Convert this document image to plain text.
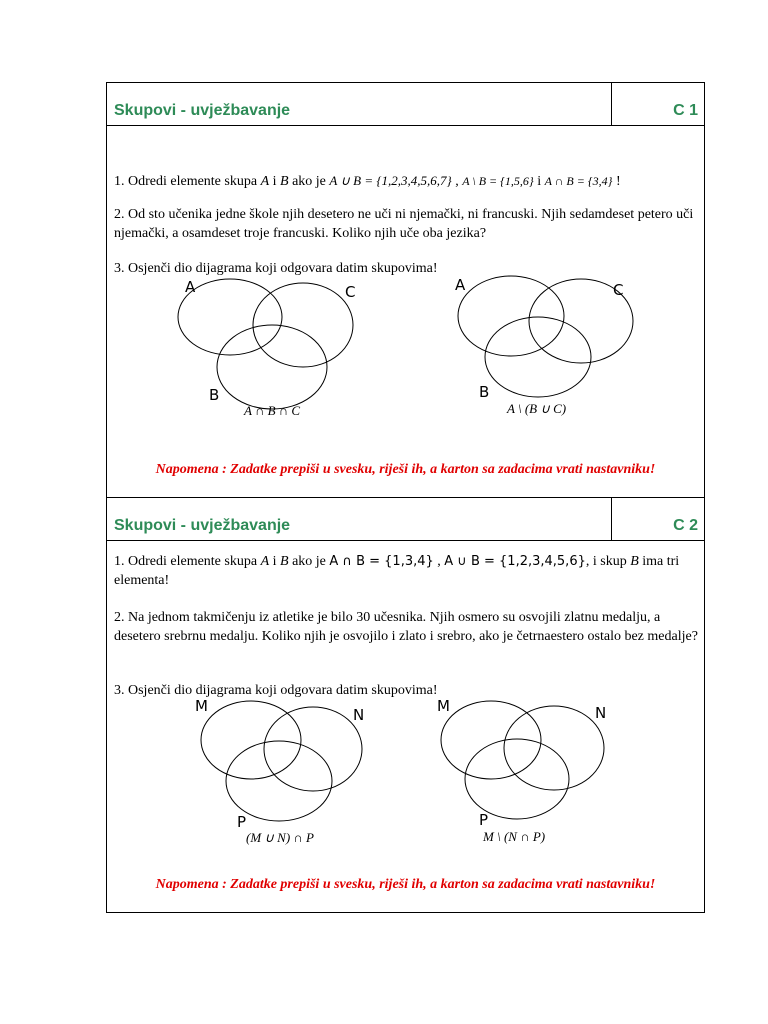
Skupovi - uvježbavanje	C 1
1. Odredi elemente skupa A i B ako je A ∪ B = {1,2,3,4,5,6,7} , A \ B = {1,5,6} i A ∩ B = {3,4} !
2. Od sto učenika jedne škole njih desetero ne uči ni njemački, ni francuski. Njih sedamdeset petero uči njemački, a osamdeset troje francuski. Koliko njih uče oba jezika?
3. Osjenči dio dijagrama koji odgovara datim skupovima!
A	C
B
A ∩ B ∩ C
A	C
B
A \ (B ∪ C)
Napomena : Zadatke prepiši u svesku, riješi ih, a karton sa zadacima vrati nastavniku!
Skupovi - uvježbavanje	C 2
1. Odredi elemente skupa A i B ako je A ∩ B = {1,3,4} , A ∪ B = {1,2,3,4,5,6}, i skup B ima tri elementa!
2. Na jednom takmičenju iz atletike je bilo 30 učesnika. Njih osmero su osvojili zlatnu medalju, a desetero srebrnu medalju. Koliko njih je osvojilo i zlato i srebro, ako je četrnaestero ostalo bez medalje?
3. Osjenči dio dijagrama koji odgovara datim skupovima!
M	N
P
(M ∪ N) ∩ P
M	N
P
M \ (N ∩ P)
Napomena : Zadatke prepiši u svesku, riješi ih, a karton sa zadacima vrati nastavniku!
